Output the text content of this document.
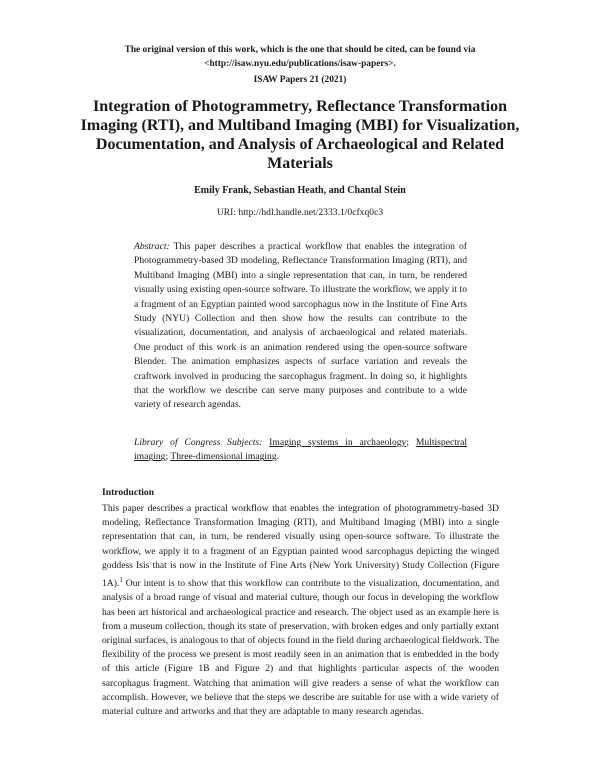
The original version of this work, which is the one that should be cited, can be found via
<http://isaw.nyu.edu/publications/isaw-papers>.
ISAW Papers 21 (2021)
Integration of Photogrammetry, Reflectance Transformation Imaging (RTI), and Multiband Imaging (MBI) for Visualization, Documentation, and Analysis of Archaeological and Related Materials
Emily Frank, Sebastian Heath, and Chantal Stein
URI: http://hdl.handle.net/2333.1/0cfxq0c3
Abstract: This paper describes a practical workflow that enables the integration of Photogrammetry-based 3D modeling, Reflectance Transformation Imaging (RTI), and Multiband Imaging (MBI) into a single representation that can, in turn, be rendered visually using existing open-source software. To illustrate the workflow, we apply it to a fragment of an Egyptian painted wood sarcophagus now in the Institute of Fine Arts Study (NYU) Collection and then show how the results can contribute to the visualization, documentation, and analysis of archaeological and related materials. One product of this work is an animation rendered using the open-source software Blender. The animation emphasizes aspects of surface variation and reveals the craftwork involved in producing the sarcophagus fragment. In doing so, it highlights that the workflow we describe can serve many purposes and contribute to a wide variety of research agendas.
Library of Congress Subjects: Imaging systems in archaeology; Multispectral imaging; Three-dimensional imaging.
Introduction
This paper describes a practical workflow that enables the integration of photogrammetry-based 3D modeling, Reflectance Transformation Imaging (RTI), and Multiband Imaging (MBI) into a single representation that can, in turn, be rendered visually using open-source software. To illustrate the workflow, we apply it to a fragment of an Egyptian painted wood sarcophagus depicting the winged goddess Isis that is now in the Institute of Fine Arts (New York University) Study Collection (Figure 1A).$^1$ Our intent is to show that this workflow can contribute to the visualization, documentation, and analysis of a broad range of visual and material culture, though our focus in developing the workflow has been art historical and archaeological practice and research. The object used as an example here is from a museum collection, though its state of preservation, with broken edges and only partially extant original surfaces, is analogous to that of objects found in the field during archaeological fieldwork. The flexibility of the process we present is most readily seen in an animation that is embedded in the body of this article (Figure 1B and Figure 2) and that highlights particular aspects of the wooden sarcophagus fragment. Watching that animation will give readers a sense of what the workflow can accomplish. However, we believe that the steps we describe are suitable for use with a wide variety of material culture and artworks and that they are adaptable to many research agendas.
